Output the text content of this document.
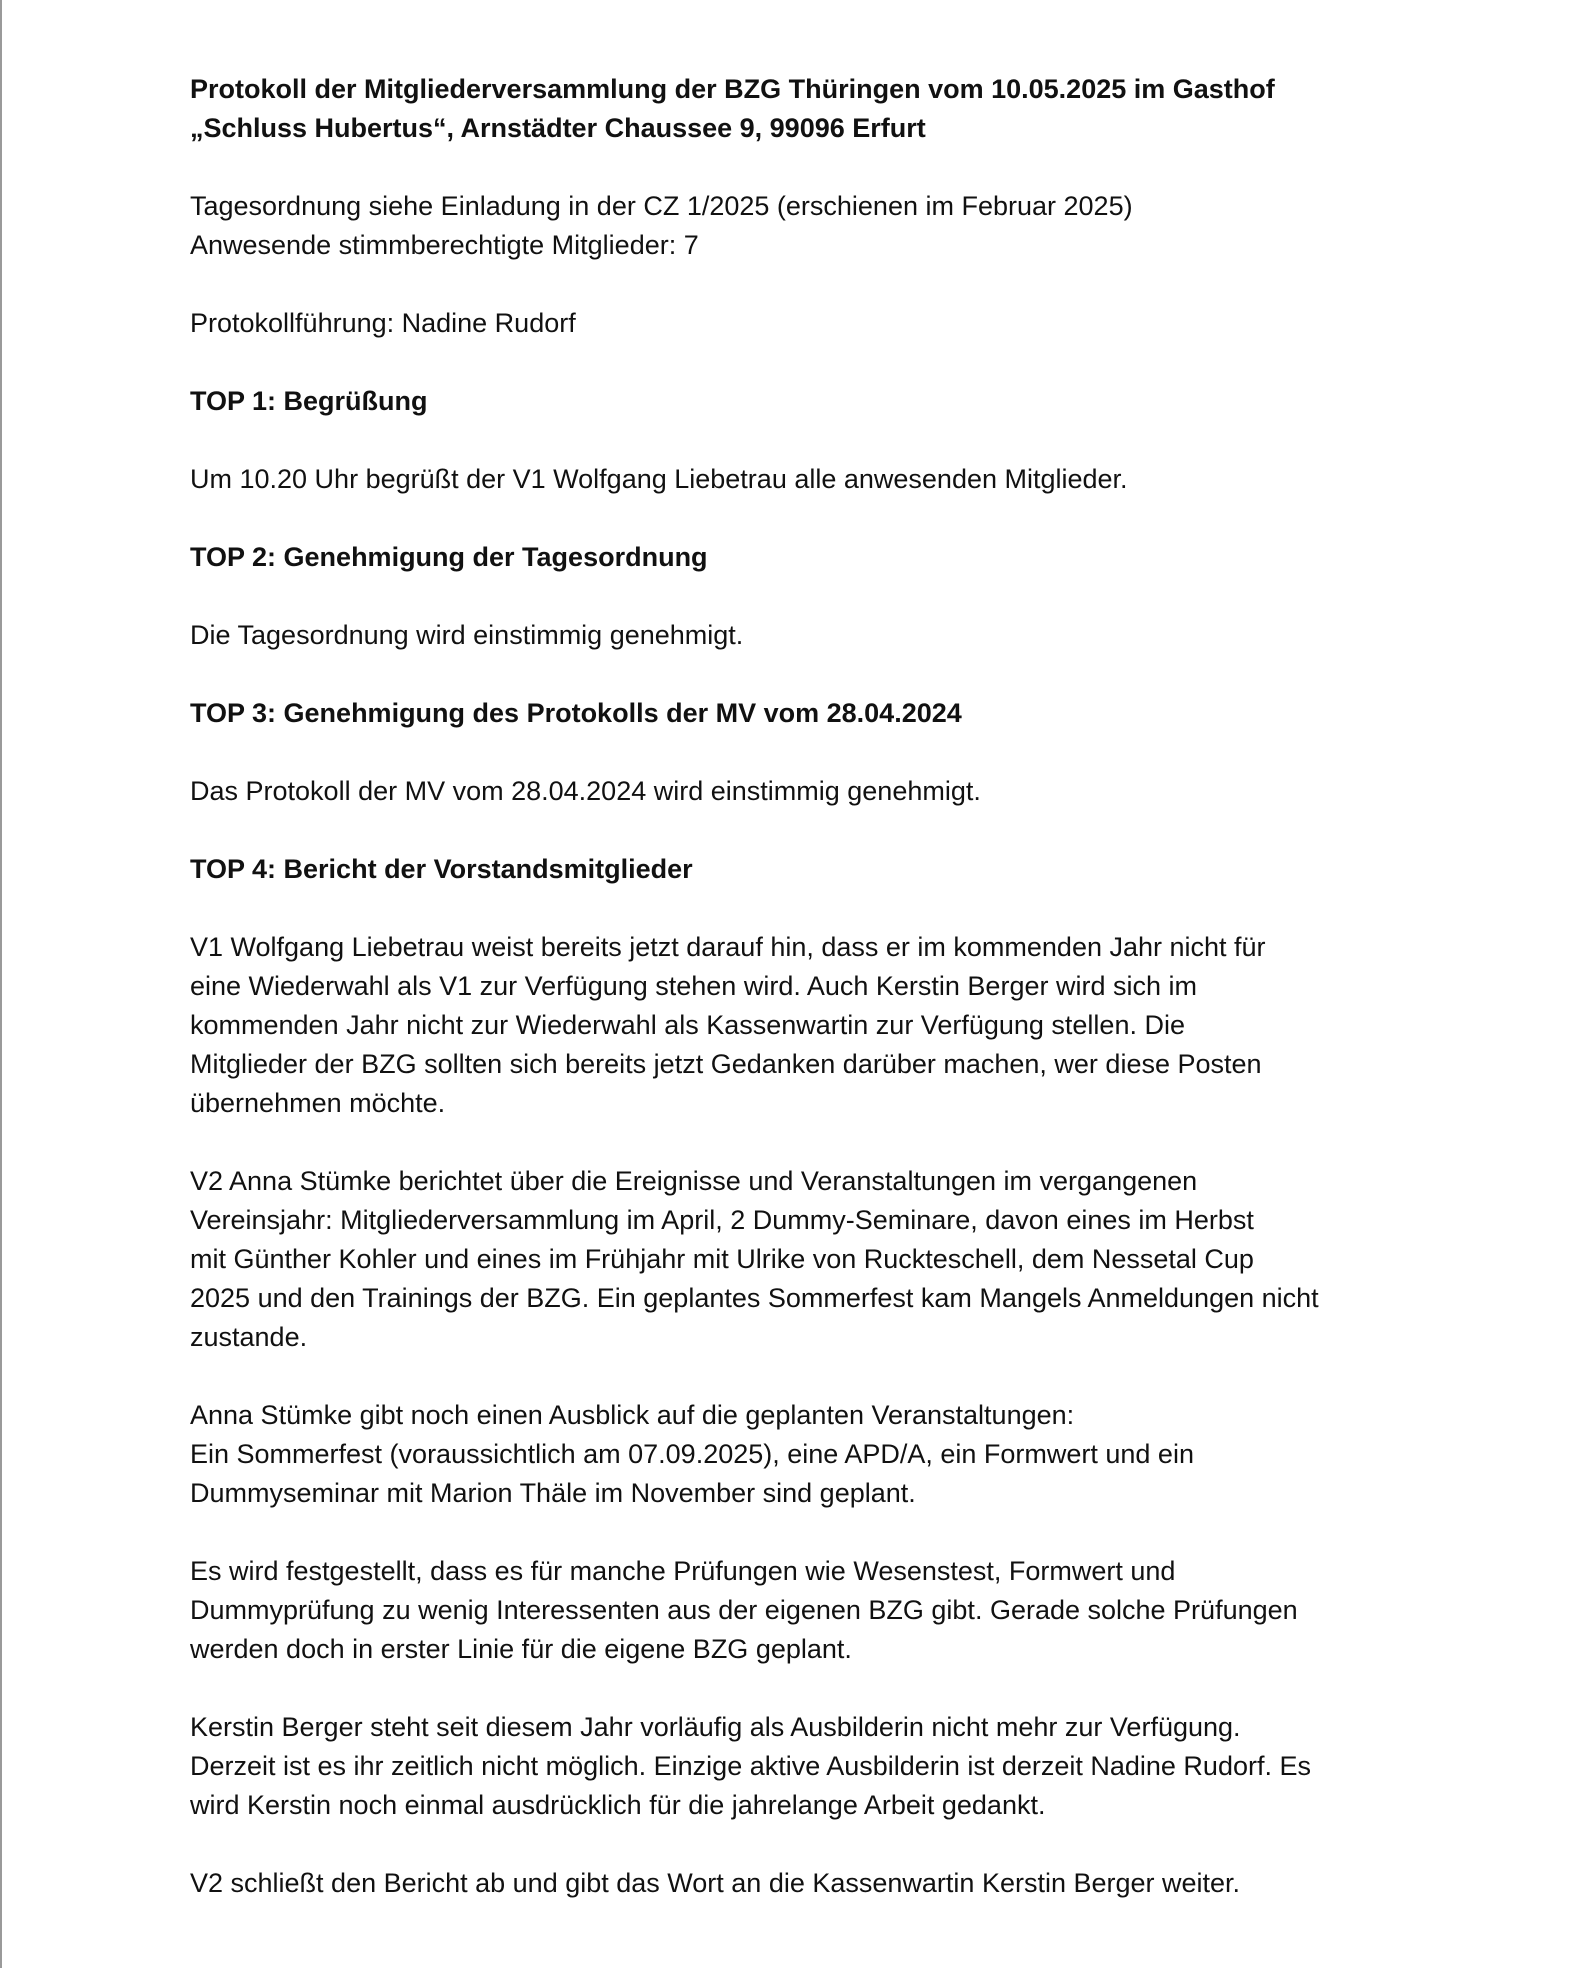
Protokoll der Mitgliederversammlung der BZG Thüringen vom 10.05.2025 im Gasthof
„Schluss Hubertus“, Arnstädter Chaussee 9, 99096 Erfurt

Tagesordnung siehe Einladung in der CZ 1/2025 (erschienen im Februar 2025)
Anwesende stimmberechtigte Mitglieder: 7

Protokollführung: Nadine Rudorf

TOP 1: Begrüßung

Um 10.20 Uhr begrüßt der V1 Wolfgang Liebetrau alle anwesenden Mitglieder.

TOP 2: Genehmigung der Tagesordnung

Die Tagesordnung wird einstimmig genehmigt.

TOP 3: Genehmigung des Protokolls der MV vom 28.04.2024

Das Protokoll der MV vom 28.04.2024 wird einstimmig genehmigt.

TOP 4: Bericht der Vorstandsmitglieder

V1 Wolfgang Liebetrau weist bereits jetzt darauf hin, dass er im kommenden Jahr nicht für
eine Wiederwahl als V1 zur Verfügung stehen wird. Auch Kerstin Berger wird sich im
kommenden Jahr nicht zur Wiederwahl als Kassenwartin zur Verfügung stellen. Die
Mitglieder der BZG sollten sich bereits jetzt Gedanken darüber machen, wer diese Posten
übernehmen möchte.

V2 Anna Stümke berichtet über die Ereignisse und Veranstaltungen im vergangenen
Vereinsjahr: Mitgliederversammlung im April, 2 Dummy-Seminare, davon eines im Herbst
mit Günther Kohler und eines im Frühjahr mit Ulrike von Ruckteschell, dem Nessetal Cup
2025 und den Trainings der BZG. Ein geplantes Sommerfest kam Mangels Anmeldungen nicht
zustande.

Anna Stümke gibt noch einen Ausblick auf die geplanten Veranstaltungen:
Ein Sommerfest (voraussichtlich am 07.09.2025), eine APD/A, ein Formwert und ein
Dummyseminar mit Marion Thäle im November sind geplant.

Es wird festgestellt, dass es für manche Prüfungen wie Wesenstest, Formwert und
Dummyprüfung zu wenig Interessenten aus der eigenen BZG gibt. Gerade solche Prüfungen
werden doch in erster Linie für die eigene BZG geplant.

Kerstin Berger steht seit diesem Jahr vorläufig als Ausbilderin nicht mehr zur Verfügung.
Derzeit ist es ihr zeitlich nicht möglich. Einzige aktive Ausbilderin ist derzeit Nadine Rudorf. Es
wird Kerstin noch einmal ausdrücklich für die jahrelange Arbeit gedankt.

V2 schließt den Bericht ab und gibt das Wort an die Kassenwartin Kerstin Berger weiter.
